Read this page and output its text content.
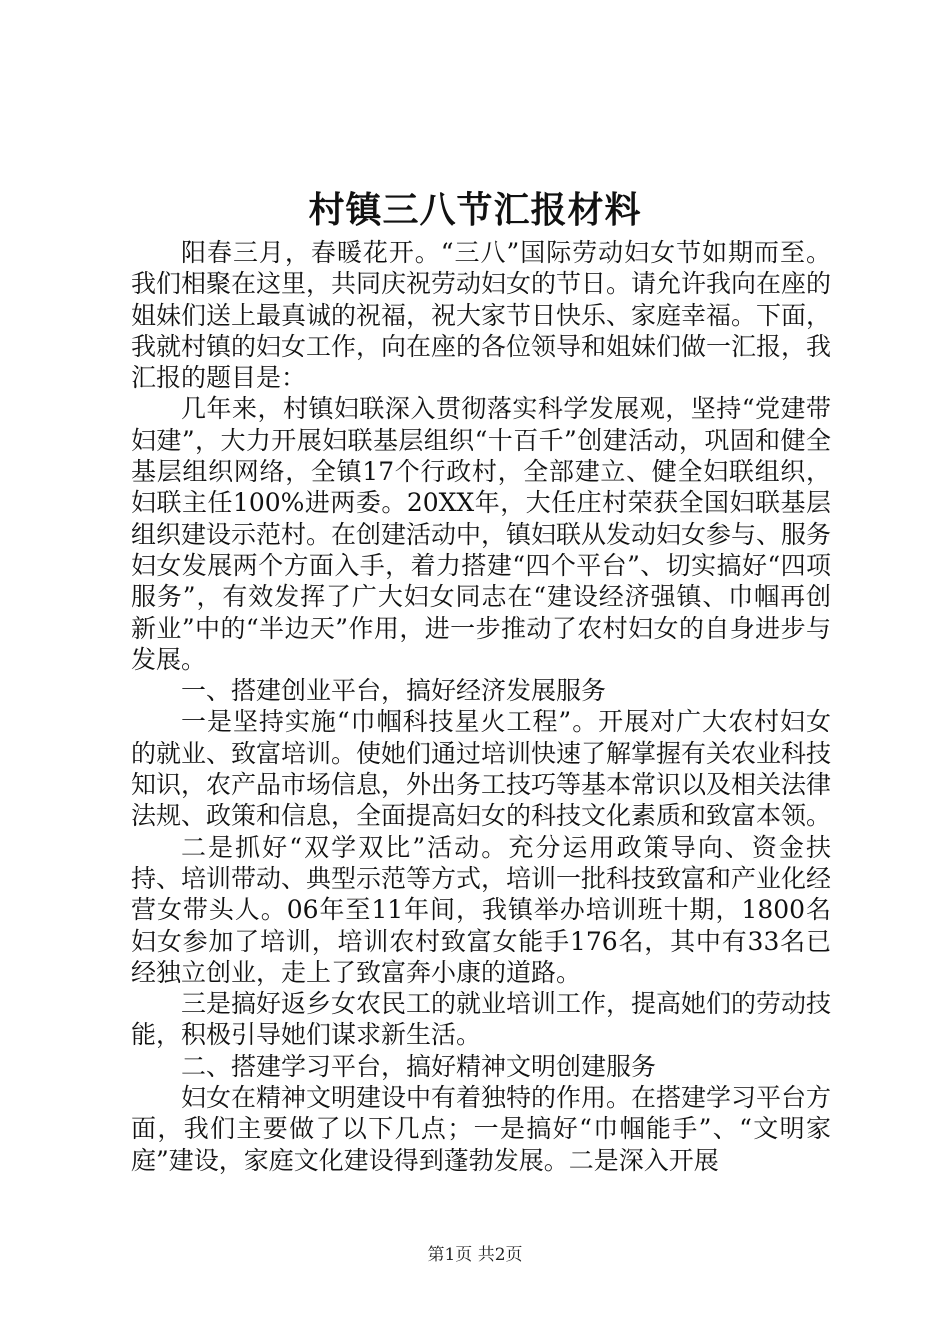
村镇三八节汇报材料

阳春三月，春暖花开。“三八”国际劳动妇女节如期而至。我们相聚在这里，共同庆祝劳动妇女的节日。请允许我向在座的姐妹们送上最真诚的祝福，祝大家节日快乐、家庭幸福。下面，我就村镇的妇女工作，向在座的各位领导和姐妹们做一汇报，我汇报的题目是：

几年来，村镇妇联深入贯彻落实科学发展观，坚持“党建带妇建”，大力开展妇联基层组织“十百千”创建活动，巩固和健全基层组织网络，全镇17个行政村，全部建立、健全妇联组织，妇联主任100%进两委。20XX年，大任庄村荣获全国妇联基层组织建设示范村。在创建活动中，镇妇联从发动妇女参与、服务妇女发展两个方面入手，着力搭建“四个平台”、切实搞好“四项服务”，有效发挥了广大妇女同志在“建设经济强镇、巾帼再创新业”中的“半边天”作用，进一步推动了农村妇女的自身进步与发展。

一、搭建创业平台，搞好经济发展服务

一是坚持实施“巾帼科技星火工程”。开展对广大农村妇女的就业、致富培训。使她们通过培训快速了解掌握有关农业科技知识，农产品市场信息，外出务工技巧等基本常识以及相关法律法规、政策和信息，全面提高妇女的科技文化素质和致富本领。

二是抓好“双学双比”活动。充分运用政策导向、资金扶持、培训带动、典型示范等方式，培训一批科技致富和产业化经营女带头人。06年至11年间，我镇举办培训班十期，1800名妇女参加了培训，培训农村致富女能手176名，其中有33名已经独立创业，走上了致富奔小康的道路。

三是搞好返乡女农民工的就业培训工作，提高她们的劳动技能，积极引导她们谋求新生活。

二、搭建学习平台，搞好精神文明创建服务

妇女在精神文明建设中有着独特的作用。在搭建学习平台方面，我们主要做了以下几点；一是搞好“巾帼能手”、“文明家庭”建设，家庭文化建设得到蓬勃发展。二是深入开展

第1页 共2页
